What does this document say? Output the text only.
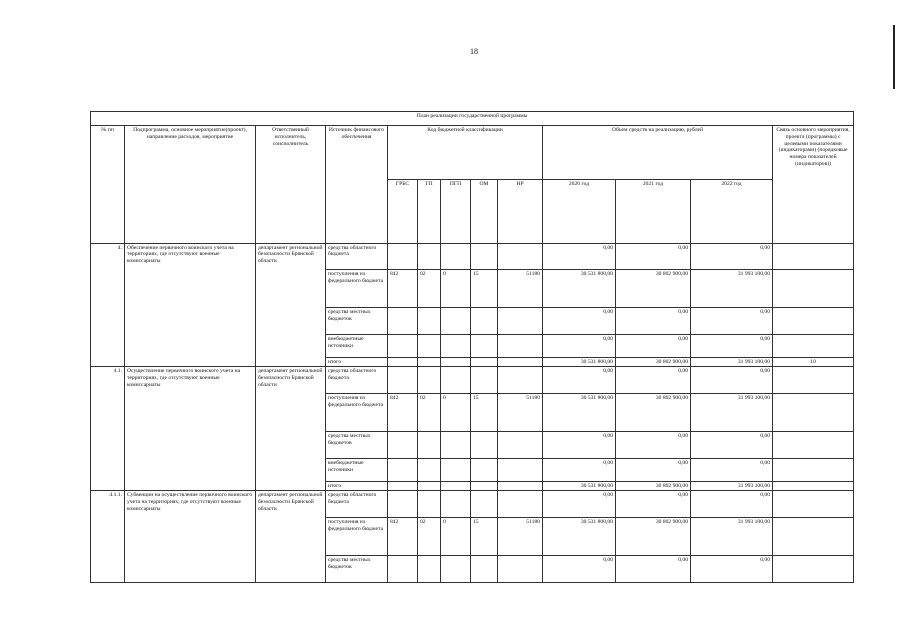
18
План реализации государственной программы												
№ пп	Подпрограмма, основное мероприятие(проект), направление расходов, мероприятие	Ответственный исполнитель, соисполнитель	Источник финансового обеспечения	Код бюджетной классификации					Объем средств на реализацию, рублей			Связь основного мероприятия, проекта (программы) с целевыми показателями (индикаторами) (порядковые номера показателей (индикаторов))
				ГРБС	ГП	ПГП	ОМ	НР	2020 год	2021 год	2022 год	
4.	Обеспечение первичного воинского учета на территориях, где отсутствуют военные комиссариаты	департамент региональной безопасности Брянской области	средства областного бюджета						0,00	0,00	0,00	
			поступления из федерального бюджета	842	02	0	15	51180	30 531 800,00	30 802 900,00	31 993 100,00	
			средства местных бюджетов						0,00	0,00	0,00	
			внебюджетные источники						0,00	0,00	0,00	
			итого						30 531 800,00	30 802 900,00	31 993 100,00	10
4.1.	Осуществление первичного воинского учета на территориях, где отсутствуют военные комиссариаты	департамент региональной безопасности Брянской области	средства областного бюджета						0,00	0,00	0,00	
			поступления из федерального бюджета	842	02	0	15	51180	30 531 800,00	30 802 900,00	31 993 100,00	
			средства местных бюджетов						0,00	0,00	0,00	
			внебюджетные источники						0,00	0,00	0,00	
			итого						30 531 800,00	30 802 900,00	31 993 100,00	
4.1.1.	Субвенции на осуществление первичного воинского учета на территориях, где отсутствуют военные комиссариаты	департамент региональной безопасности Брянской области	средства областного бюджета						0,00	0,00	0,00	
			поступления из федерального бюджета	842	02	0	15	51180	30 531 800,00	30 802 900,00	31 993 100,00	
			средства местных бюджетов						0,00	0,00	0,00	
